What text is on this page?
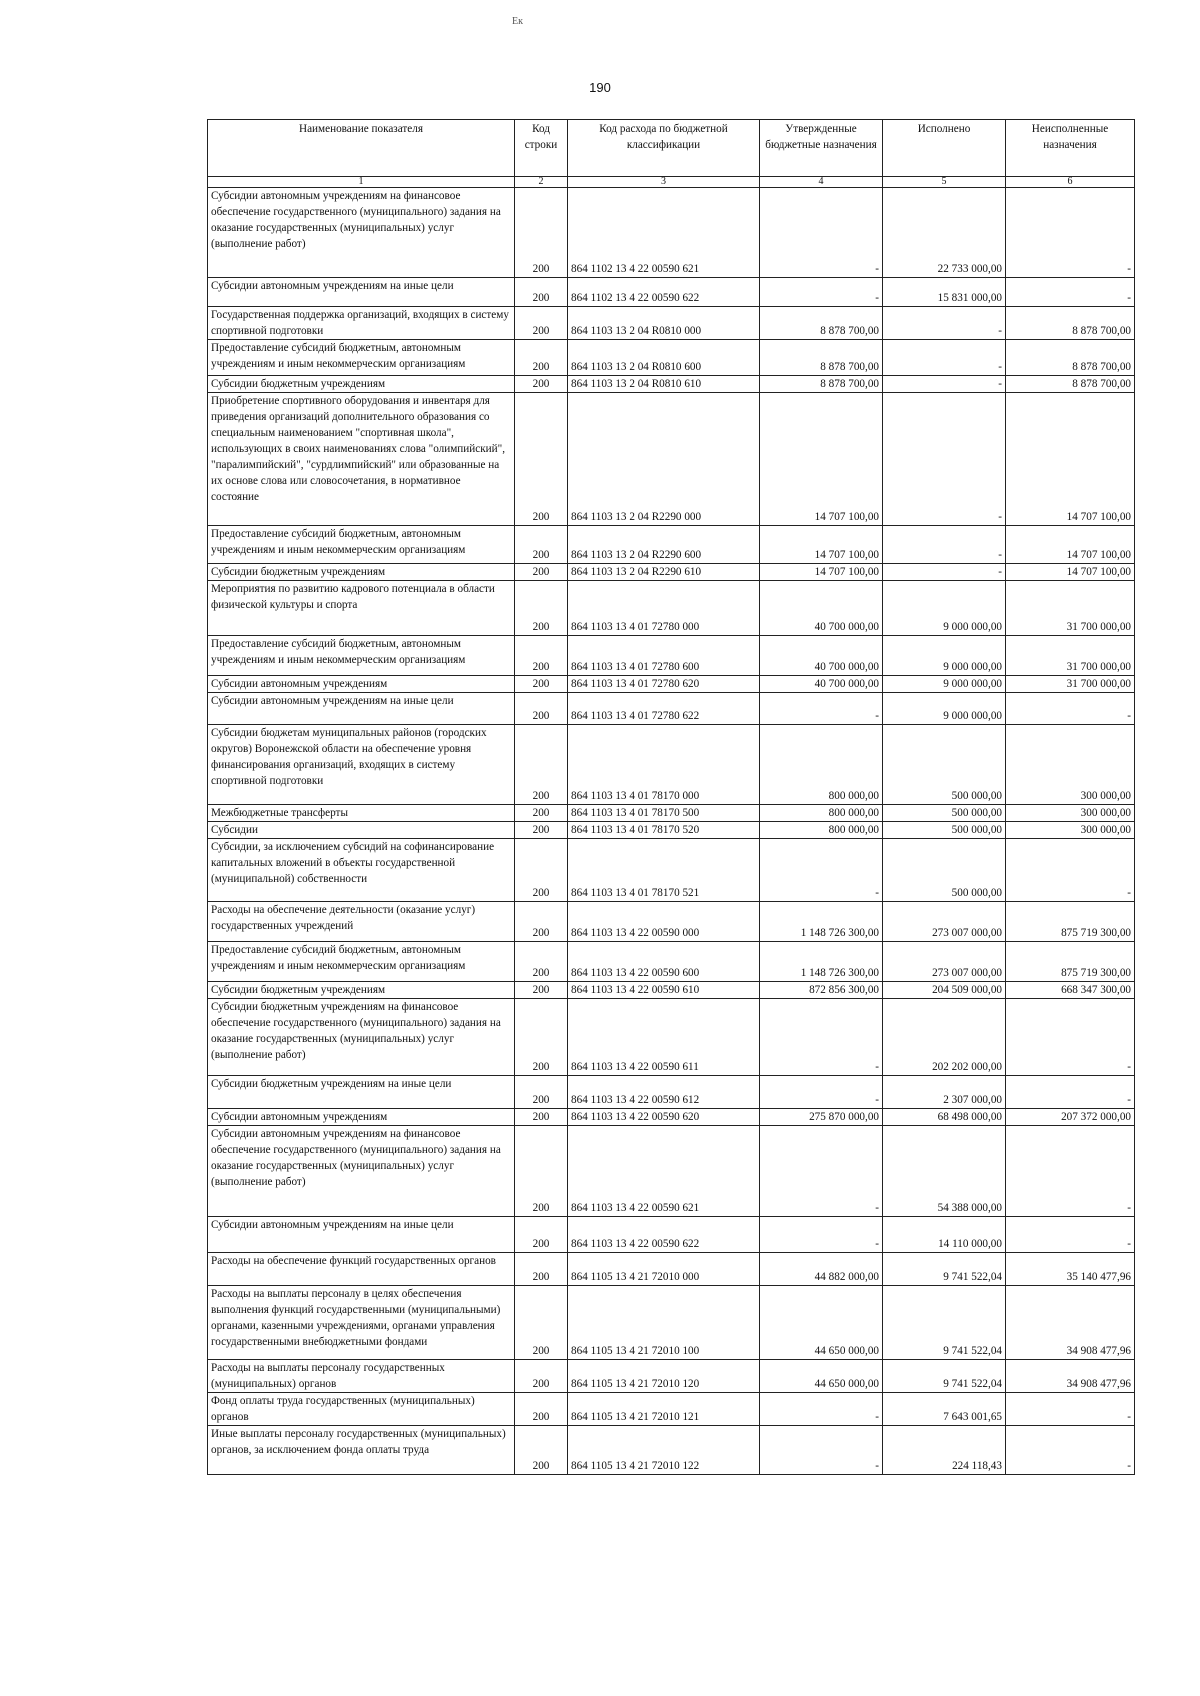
Ек
190
Наименование показателя	Код строки	Код расхода по бюджетной классификации	Утвержденные бюджетные назначения	Исполнено	Неисполненные назначения
1	2	3	4	5	6
Субсидии автономным учреждениям на финансовое обеспечение государственного (муниципального) задания на оказание государственных (муниципальных) услуг (выполнение работ)	200	864 1102 13 4 22 00590 621	-	22 733 000,00	-
Субсидии автономным учреждениям на иные цели	200	864 1102 13 4 22 00590 622	-	15 831 000,00	-
Государственная поддержка организаций, входящих в систему спортивной подготовки	200	864 1103 13 2 04 R0810 000	8 878 700,00	-	8 878 700,00
Предоставление субсидий бюджетным, автономным учреждениям и иным некоммерческим организациям	200	864 1103 13 2 04 R0810 600	8 878 700,00	-	8 878 700,00
Субсидии бюджетным учреждениям	200	864 1103 13 2 04 R0810 610	8 878 700,00	-	8 878 700,00
Приобретение спортивного оборудования и инвентаря для приведения организаций дополнительного образования со специальным наименованием "спортивная школа", использующих в своих наименованиях слова "олимпийский", "паралимпийский", "сурдлимпийский" или образованные на их основе слова или словосочетания, в нормативное состояние	200	864 1103 13 2 04 R2290 000	14 707 100,00	-	14 707 100,00
Предоставление субсидий бюджетным, автономным учреждениям и иным некоммерческим организациям	200	864 1103 13 2 04 R2290 600	14 707 100,00	-	14 707 100,00
Субсидии бюджетным учреждениям	200	864 1103 13 2 04 R2290 610	14 707 100,00	-	14 707 100,00
Мероприятия по развитию кадрового потенциала в области физической культуры и спорта	200	864 1103 13 4 01 72780 000	40 700 000,00	9 000 000,00	31 700 000,00
Предоставление субсидий бюджетным, автономным учреждениям и иным некоммерческим организациям	200	864 1103 13 4 01 72780 600	40 700 000,00	9 000 000,00	31 700 000,00
Субсидии автономным учреждениям	200	864 1103 13 4 01 72780 620	40 700 000,00	9 000 000,00	31 700 000,00
Субсидии автономным учреждениям на иные цели	200	864 1103 13 4 01 72780 622	-	9 000 000,00	-
Субсидии бюджетам муниципальных районов (городских округов) Воронежской области на обеспечение уровня финансирования организаций, входящих в систему спортивной подготовки	200	864 1103 13 4 01 78170 000	800 000,00	500 000,00	300 000,00
Межбюджетные трансферты	200	864 1103 13 4 01 78170 500	800 000,00	500 000,00	300 000,00
Субсидии	200	864 1103 13 4 01 78170 520	800 000,00	500 000,00	300 000,00
Субсидии, за исключением субсидий на софинансирование капитальных вложений в объекты государственной (муниципальной) собственности	200	864 1103 13 4 01 78170 521	-	500 000,00	-
Расходы на обеспечение деятельности (оказание услуг) государственных учреждений	200	864 1103 13 4 22 00590 000	1 148 726 300,00	273 007 000,00	875 719 300,00
Предоставление субсидий бюджетным, автономным учреждениям и иным некоммерческим организациям	200	864 1103 13 4 22 00590 600	1 148 726 300,00	273 007 000,00	875 719 300,00
Субсидии бюджетным учреждениям	200	864 1103 13 4 22 00590 610	872 856 300,00	204 509 000,00	668 347 300,00
Субсидии бюджетным учреждениям на финансовое обеспечение государственного (муниципального) задания на оказание государственных (муниципальных) услуг (выполнение работ)	200	864 1103 13 4 22 00590 611	-	202 202 000,00	-
Субсидии бюджетным учреждениям на иные цели	200	864 1103 13 4 22 00590 612	-	2 307 000,00	-
Субсидии автономным учреждениям	200	864 1103 13 4 22 00590 620	275 870 000,00	68 498 000,00	207 372 000,00
Субсидии автономным учреждениям на финансовое обеспечение государственного (муниципального) задания на оказание государственных (муниципальных) услуг (выполнение работ)	200	864 1103 13 4 22 00590 621	-	54 388 000,00	-
Субсидии автономным учреждениям на иные цели	200	864 1103 13 4 22 00590 622	-	14 110 000,00	-
Расходы на обеспечение функций государственных органов	200	864 1105 13 4 21 72010 000	44 882 000,00	9 741 522,04	35 140 477,96
Расходы на выплаты персоналу в целях обеспечения выполнения функций государственными (муниципальными) органами, казенными учреждениями, органами управления государственными внебюджетными фондами	200	864 1105 13 4 21 72010 100	44 650 000,00	9 741 522,04	34 908 477,96
Расходы на выплаты персоналу государственных (муниципальных) органов	200	864 1105 13 4 21 72010 120	44 650 000,00	9 741 522,04	34 908 477,96
Фонд оплаты труда государственных (муниципальных) органов	200	864 1105 13 4 21 72010 121	-	7 643 001,65	-
Иные выплаты персоналу государственных (муниципальных) органов, за исключением фонда оплаты труда	200	864 1105 13 4 21 72010 122	-	224 118,43	-
